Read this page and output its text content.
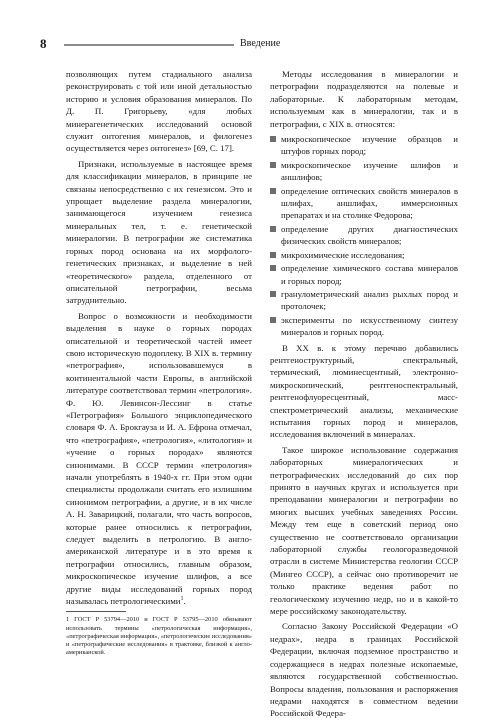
8	Введение

позволяющих путем стадиального анализа реконструировать с той или иной детальностью историю и условия образования минералов. По Д. П. Григорьеву, «для любых минерагенетических исследований основой служит онтогения минералов, и филогенез осуществляется через онтогенез» [69, С. 17].

Признаки, используемые в настоящее время для классификации минералов, в принципе не связаны непосредственно с их генезисом. Это и упрощает выделение раздела минералогии, занимающегося изучением генезиса минеральных тел, т. е. генетической минералогии. В петрографии же систематика горных пород основана на их морфолого-генетических признаках, и выделение в ней «теоретического» раздела, отделенного от описательной петрографии, весьма затруднительно.

Вопрос о возможности и необходимости выделения в науке о горных породах описательной и теоретической частей имеет свою историческую подоплеку. В XIX в. термину «петрография», использовавшемуся в континентальной части Европы, в английской литературе соответствовал термин «петрология». Ф. Ю. Левинсон-Лессинг в статье «Петрография» Большого энциклопедического словаря Ф. А. Брокгауза и И. А. Ефрона отмечал, что «петрография», «петрология», «литология» и «учение о горных породах» являются синонимами. В СССР термин «петрология» начали употреблять в 1940-х гг. При этом одни специалисты продолжали считать его излишним синонимом петрографии, а другие, и в их числе А. Н. Заварицкий, полагали, что часть вопросов, которые ранее относились к петрографии, следует выделить в петрологию. В англо-американской литературе и в это время к петрографии относились, главным образом, микроскопическое изучение шлифов, а все другие виды исследований горных пород называлась петрологическими$^1$.

1 ГОСТ Р 53794—2010 и ГОСТ Р 53795—2010 обязывают использовать термины «петрологическая информация», «петрографическая информация», «петрологические исследования» и «петрографические исследования» в трактовке, близкой к англо-американской.

Методы исследования в минералогии и петрографии подразделяются на полевые и лабораторные. К лабораторным методам, используемым как в минералогии, так и в петрографии, с XIX в. относятся:

микроскопическое изучение образцов и штуфов горных пород;
микроскопическое изучение шлифов и аншлифов;
определение оптических свойств минералов в шлифах, аншлифах, иммерсионных препаратах и на столике Федорова;
определение других диагностических физических свойств минералов;
микрохимические исследования;
определение химического состава минералов и горных пород;
гранулометрический анализ рыхлых пород и протолочек;
эксперименты по искусственному синтезу минералов и горных пород.

В XX в. к этому перечню добавились рентгеноструктурный, спектральный, термический, люминесцентный, электронно-микроскопический, рентгеноспектральный, рентгенофлуоресцентный, масс-спектрометрический анализы, механические испытания горных пород и минералов, исследования включений в минералах.

Такое широкое использование содержания лабораторных минералогических и петрографических исследований до сих пор принято в научных кругах и используется при преподавании минералогии и петрографии во многих высших учебных заведениях России. Между тем еще в советский период оно существенно не соответствовало организации лабораторной службы геологоразведочной отрасли в системе Министерства геологии СССР (Мингео СССР), а сейчас оно противоречит не только практике ведения работ по геологическому изучению недр, но и в какой-то мере российскому законодательству.

Согласно Закону Российской Федерации «О недрах», недра в границах Российской Федерации, включая подземное пространство и содержащиеся в недрах полезные ископаемые, являются государственной собственностью. Вопросы владения, пользования и распоряжения недрами находятся в совместном ведении Российской Федера-
